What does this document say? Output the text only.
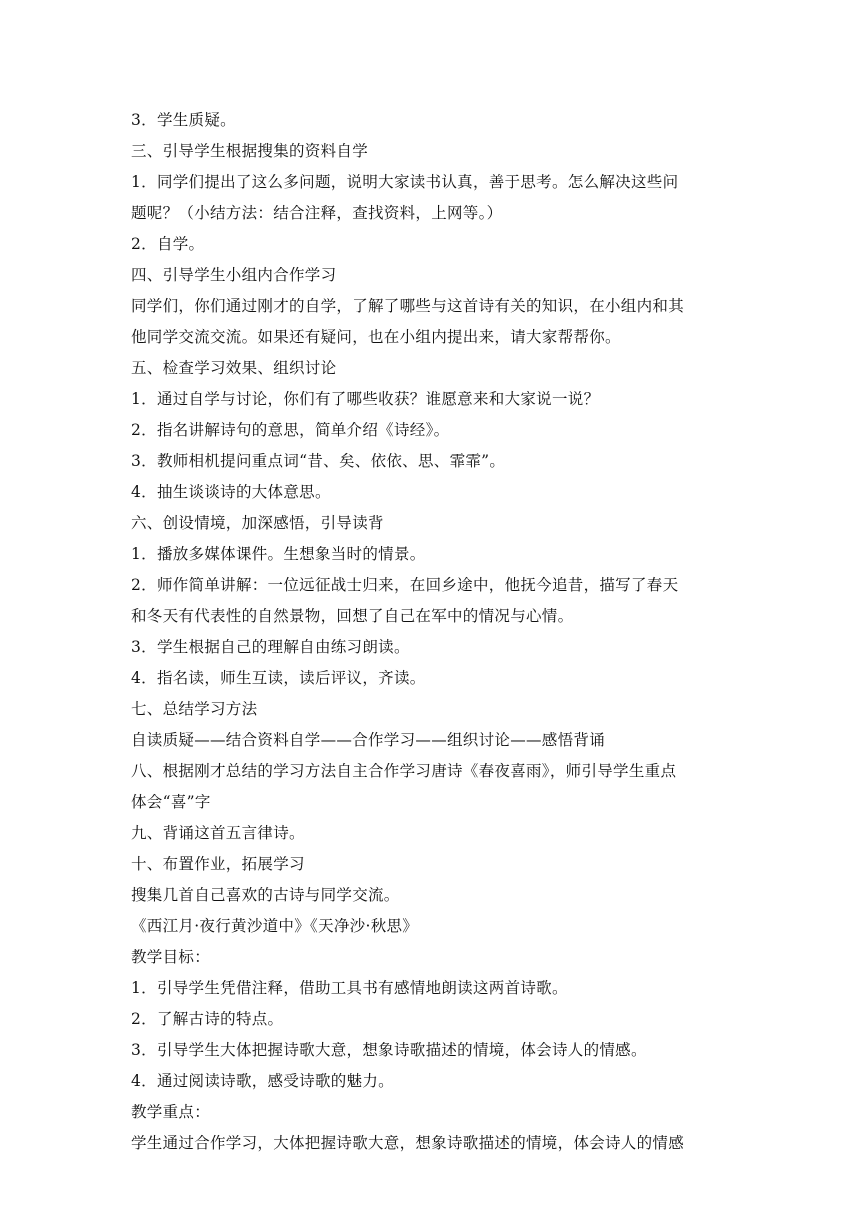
3．学生质疑。
三、引导学生根据搜集的资料自学
1．同学们提出了这么多问题，说明大家读书认真，善于思考。怎么解决这些问
题呢？（小结方法：结合注释，查找资料，上网等。）
2．自学。
四、引导学生小组内合作学习
同学们，你们通过刚才的自学，了解了哪些与这首诗有关的知识，在小组内和其
他同学交流交流。如果还有疑问，也在小组内提出来，请大家帮帮你。
五、检查学习效果、组织讨论
1．通过自学与讨论，你们有了哪些收获？谁愿意来和大家说一说？
2．指名讲解诗句的意思，简单介绍《诗经》。
3．教师相机提问重点词“昔、矣、依依、思、霏霏”。
4．抽生谈谈诗的大体意思。
六、创设情境，加深感悟，引导读背
1．播放多媒体课件。生想象当时的情景。
2．师作简单讲解：一位远征战士归来，在回乡途中，他抚今追昔，描写了春天
和冬天有代表性的自然景物，回想了自己在军中的情况与心情。
3．学生根据自己的理解自由练习朗读。
4．指名读，师生互读，读后评议，齐读。
七、总结学习方法
自读质疑——结合资料自学——合作学习——组织讨论——感悟背诵
八、根据刚才总结的学习方法自主合作学习唐诗《春夜喜雨》，师引导学生重点
体会“喜”字
九、背诵这首五言律诗。
十、布置作业，拓展学习
搜集几首自己喜欢的古诗与同学交流。
《西江月·夜行黄沙道中》《天净沙·秋思》
教学目标：
1．引导学生凭借注释，借助工具书有感情地朗读这两首诗歌。
2．了解古诗的特点。
3．引导学生大体把握诗歌大意，想象诗歌描述的情境，体会诗人的情感。
4．通过阅读诗歌，感受诗歌的魅力。
教学重点：
学生通过合作学习，大体把握诗歌大意，想象诗歌描述的情境，体会诗人的情感
